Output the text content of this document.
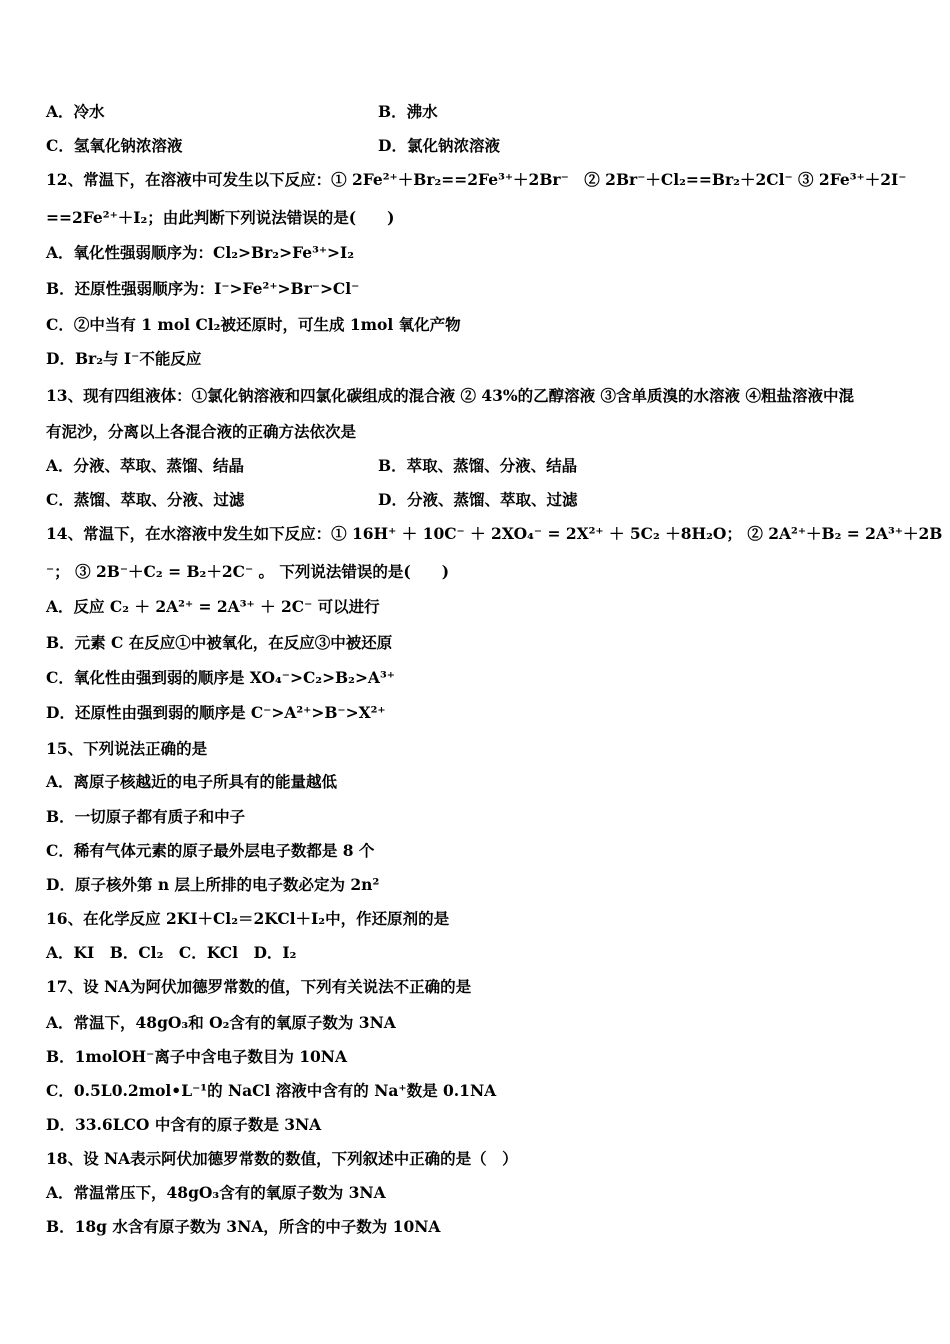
A．冷水	B．沸水
C．氢氧化钠浓溶液	D．氯化钠浓溶液
12、常温下，在溶液中可发生以下反应：① 2Fe²⁺＋Br₂==2Fe³⁺＋2Br⁻　② 2Br⁻＋Cl₂==Br₂＋2Cl⁻ ③ 2Fe³⁺＋2I⁻
==2Fe²⁺＋I₂；由此判断下列说法错误的是(　　)
A．氧化性强弱顺序为：Cl₂>Br₂>Fe³⁺>I₂
B．还原性强弱顺序为：I⁻>Fe²⁺>Br⁻>Cl⁻
C．②中当有 1 mol Cl₂被还原时，可生成 1mol 氧化产物
D．Br₂与 I⁻不能反应
13、现有四组液体：①氯化钠溶液和四氯化碳组成的混合液 ② 43%的乙醇溶液 ③含单质溴的水溶液 ④粗盐溶液中混
有泥沙，分离以上各混合液的正确方法依次是
A．分液、萃取、蒸馏、结晶	B．萃取、蒸馏、分液、结晶
C．蒸馏、萃取、分液、过滤	D．分液、蒸馏、萃取、过滤
14、常温下，在水溶液中发生如下反应：① 16H⁺ ＋ 10C⁻ ＋ 2XO₄⁻ = 2X²⁺ ＋ 5C₂ ＋8H₂O； ② 2A²⁺＋B₂ = 2A³⁺＋2B
⁻； ③ 2B⁻＋C₂ = B₂＋2C⁻ 。 下列说法错误的是(　　)
A．反应 C₂ ＋ 2A²⁺ = 2A³⁺ ＋ 2C⁻ 可以进行
B．元素 C 在反应①中被氧化，在反应③中被还原
C．氧化性由强到弱的顺序是 XO₄⁻>C₂>B₂>A³⁺
D．还原性由强到弱的顺序是 C⁻>A²⁺>B⁻>X²⁺
15、下列说法正确的是
A．离原子核越近的电子所具有的能量越低
B．一切原子都有质子和中子
C．稀有气体元素的原子最外层电子数都是 8 个
D．原子核外第 n 层上所排的电子数必定为 2n²
16、在化学反应 2KI＋Cl₂＝2KCl＋I₂中，作还原剂的是
A．KI　B．Cl₂　C．KCl　D．I₂
17、设 NA为阿伏加德罗常数的值，下列有关说法不正确的是
A．常温下，48gO₃和 O₂含有的氧原子数为 3NA
B．1molOH⁻离子中含电子数目为 10NA
C．0.5L0.2mol•L⁻¹的 NaCl 溶液中含有的 Na⁺数是 0.1NA
D．33.6LCO 中含有的原子数是 3NA
18、设 NA表示阿伏加德罗常数的数值，下列叙述中正确的是（　）
A．常温常压下，48gO₃含有的氧原子数为 3NA
B．18g 水含有原子数为 3NA，所含的中子数为 10NA
